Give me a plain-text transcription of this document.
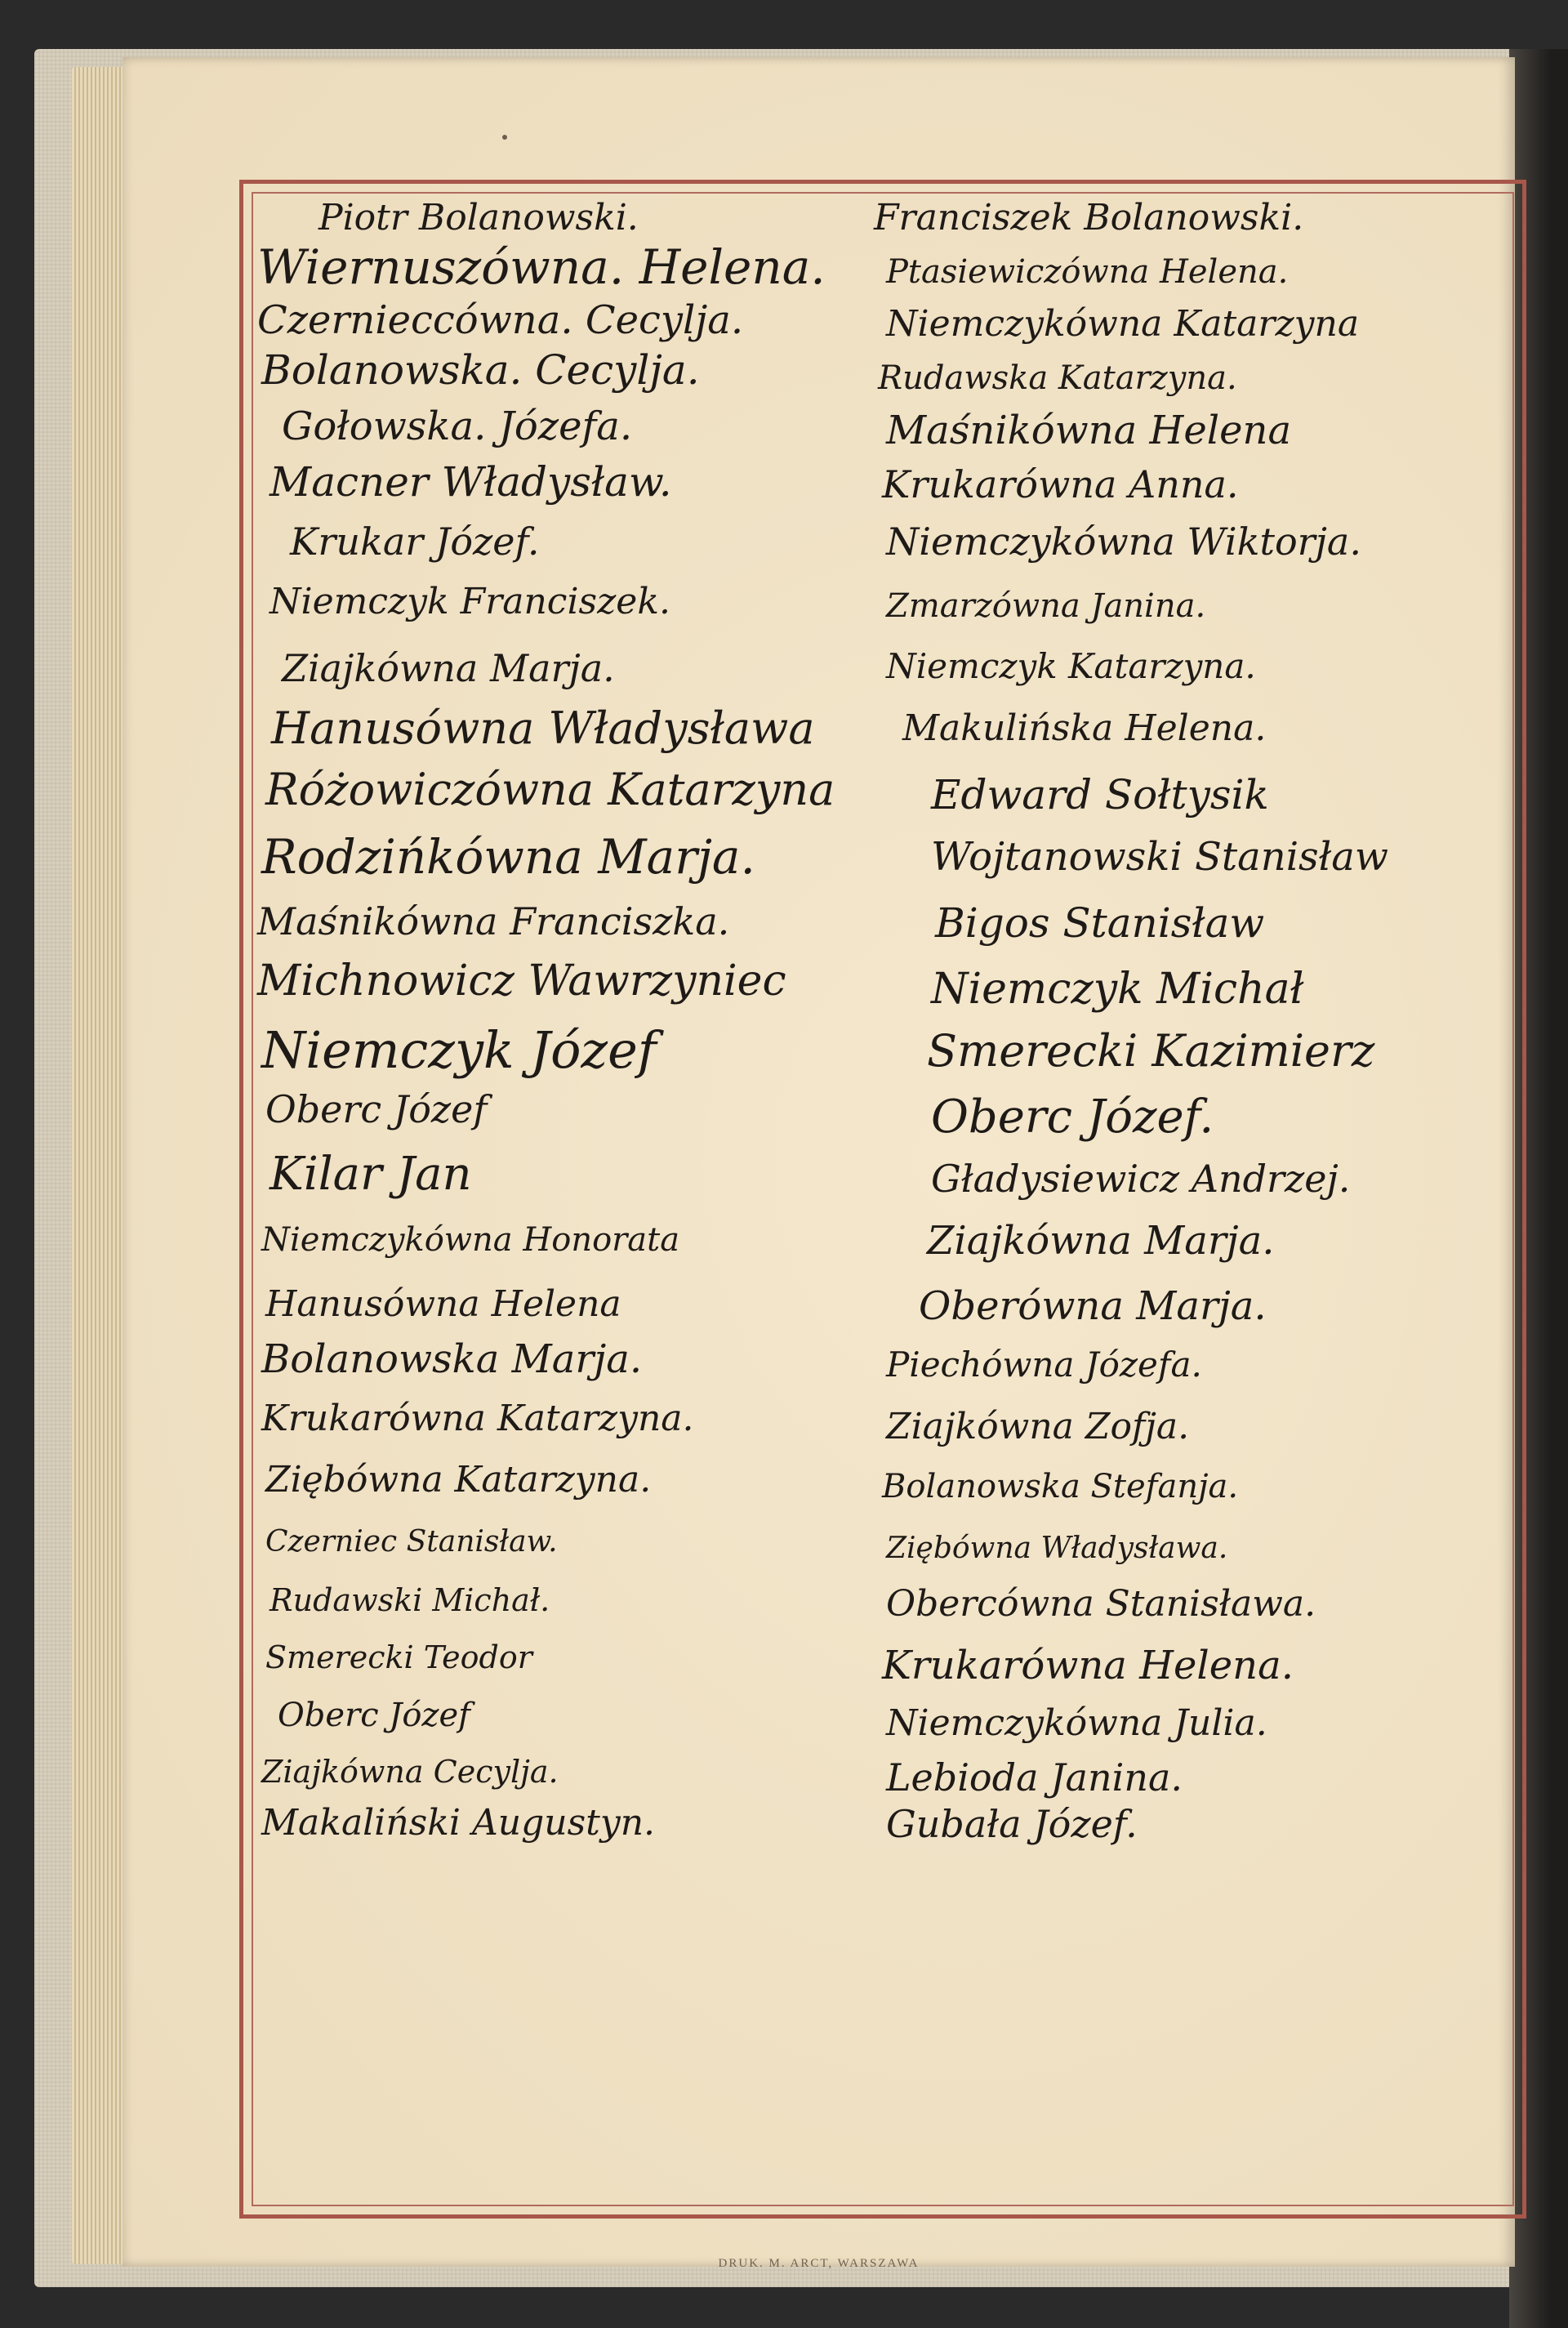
Piotr Bolanowski.
Wiernuszówna. Helena.
Czernieccówna. Cecylja.
Bolanowska. Cecylja.
Gołowska. Józefa.
Macner Władysław.
Krukar Józef.
Niemczyk Franciszek.
Ziajkówna Marja.
Hanusówna Władysława
Różowiczówna Katarzyna
Rodzińkówna Marja.
Maśnikówna Franciszka.
Michnowicz Wawrzyniec
Niemczyk Józef
Oberc Józef
Kilar Jan
Niemczykówna Honorata
Hanusówna Helena
Bolanowska Marja.
Krukarówna Katarzyna.
Ziębówna Katarzyna.
Czerniec Stanisław.
Rudawski Michał.
Smerecki Teodor
Oberc Józef
Ziajkówna Cecylja.
Makaliński Augustyn.
Franciszek Bolanowski.
Ptasiewiczówna Helena.
Niemczykówna Katarzyna
Rudawska Katarzyna.
Maśnikówna Helena
Krukarówna Anna.
Niemczykówna Wiktorja.
Zmarzówna Janina.
Niemczyk Katarzyna.
Makulińska Helena.
Edward Sołtysik
Wojtanowski Stanisław
Bigos Stanisław
Niemczyk Michał
Smerecki Kazimierz
Oberc Józef.
Gładysiewicz Andrzej.
Ziajkówna Marja.
Oberówna Marja.
Piechówna Józefa.
Ziajkówna Zofja.
Bolanowska Stefanja.
Ziębówna Władysława.
Obercówna Stanisława.
Krukarówna Helena.
Niemczykówna Julia.
Lebioda Janina.
Gubała Józef.
DRUK. M. ARCT, WARSZAWA
